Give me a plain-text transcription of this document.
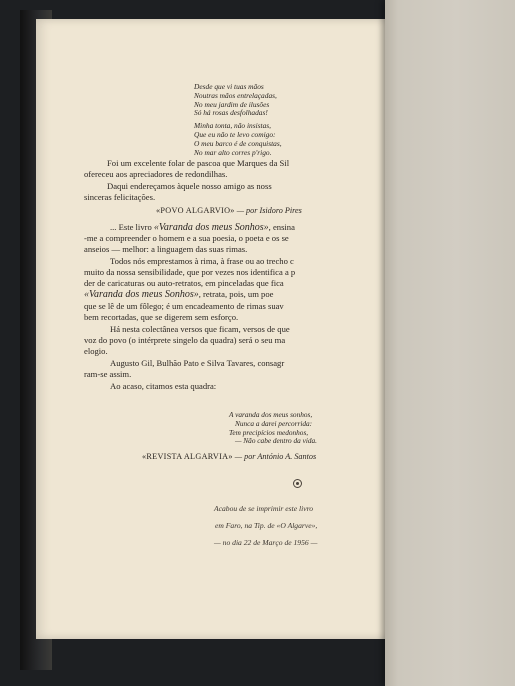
Desde que vi tuas mãos
Noutras mãos entrelaçadas,
No meu jardim de ilusões
Só há rosas desfolhadas!
Minha tonta, não insistas,
Que eu não te levo comigo:
O meu barco é de conquistas,
No mar alto corres p'rigo.
Foi um excelente folar de pascoa que Marques da Sil
ofereceu aos apreciadores de redondilhas.
Daqui endereçamos àquele nosso amigo as noss
sinceras felicitações.
«POVO ALGARVIO» — por Isidoro Pires
... Este livro «Varanda dos meus Sonhos», ensina
-me a compreender o homem e a sua poesia, o poeta e os se
anseios — melhor: a linguagem das suas rimas.
Todos nós emprestamos à rima, à frase ou ao trecho c
muito da nossa sensibilidade, que por vezes nos identifica a p
der de caricaturas ou auto-retratos, em pinceladas que fica
«Varanda dos meus Sonhos», retrata, pois, um poe
que se lê de um fôlego; é um encadeamento de rimas suav
bem recortadas, que se digerem sem esforço.
Há nesta colectânea versos que ficam, versos de que
voz do povo (o intérprete singelo da quadra) será o seu ma
elogio.
Augusto Gil, Bulhão Pato e Silva Tavares, consagr
ram-se assim.
Ao acaso, citamos esta quadra:
A varanda dos meus sonhos,
Nunca a darei percorrida:
Tem precipícios medonhos,
— Não cabe dentro da vida.
«REVISTA ALGARVIA» — por António A. Santos
Acabou de se imprimir este livro
em Faro, na Tip. de «O Algarve»,
— no dia 22 de Março de 1956 —
